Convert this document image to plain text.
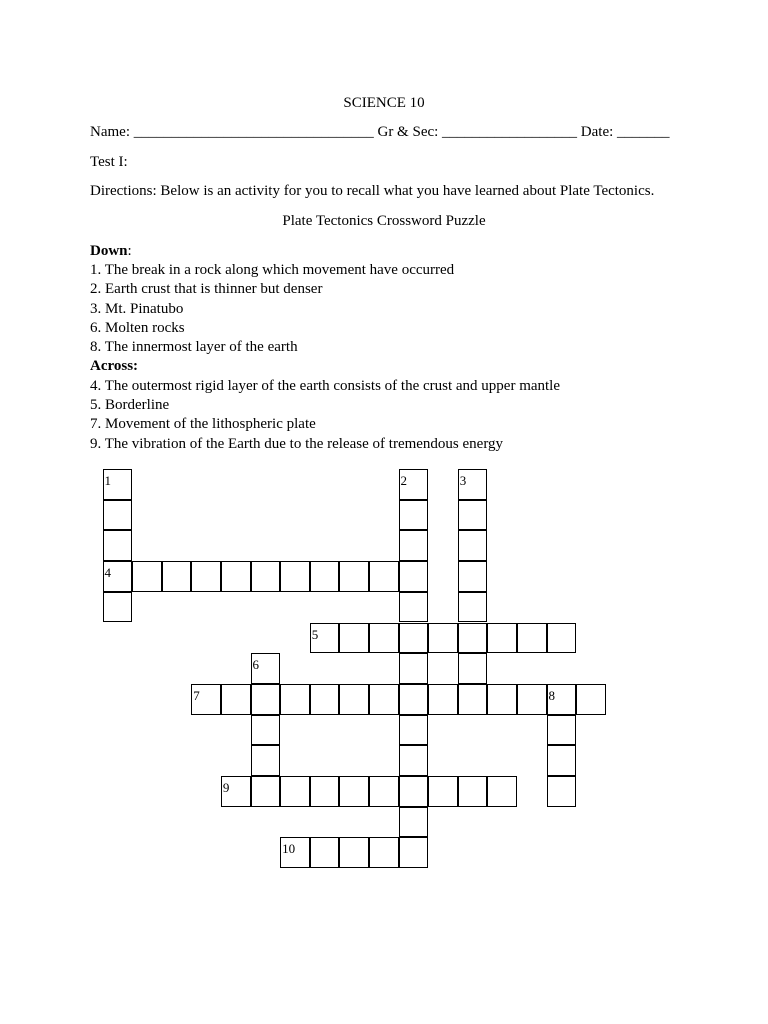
SCIENCE 10
Name: ________________________________ Gr & Sec: __________________ Date: _______
Test I:
Directions: Below is an activity for you to recall what you have learned about Plate Tectonics.
Plate Tectonics Crossword Puzzle
Down:
1. The break in a rock along which movement have occurred
2. Earth crust that is thinner but denser
3. Mt. Pinatubo
6. Molten rocks
8. The innermost layer of the earth
Across:
4. The outermost rigid layer of the earth consists of the crust and upper mantle
5. Borderline
7. Movement of the lithospheric plate
9. The vibration of the Earth due to the release of tremendous energy
1
4
2	3
5
6
7	8
9
10
